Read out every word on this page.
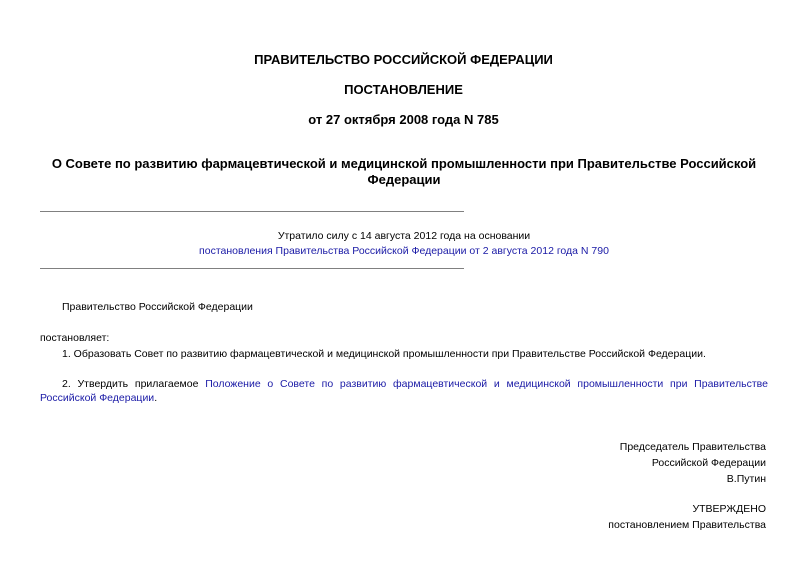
ПРАВИТЕЛЬСТВО РОССИЙСКОЙ ФЕДЕРАЦИИ
ПОСТАНОВЛЕНИЕ
от 27 октября 2008 года N 785
О Совете по развитию фармацевтической и медицинской промышленности при Правительстве Российской Федерации
Утратило силу с 14 августа 2012 года на основании
постановления Правительства Российской Федерации от 2 августа 2012 года N 790
Правительство Российской Федерации
постановляет:
1. Образовать Совет по развитию фармацевтической и медицинской промышленности при Правительстве Российской Федерации.
2. Утвердить прилагаемое Положение о Совете по развитию фармацевтической и медицинской промышленности при Правительстве Российской Федерации.
Председатель Правительства
Российской Федерации
В.Путин
УТВЕРЖДЕНО
постановлением Правительства
